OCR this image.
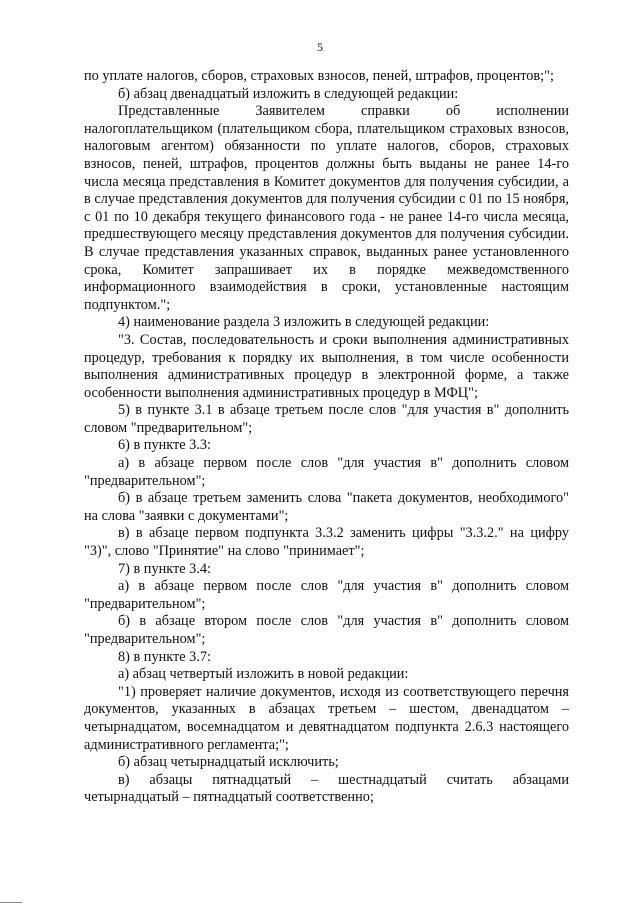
5

по уплате налогов, сборов, страховых взносов, пеней, штрафов, процентов;";

б) абзац двенадцатый изложить в следующей редакции:

Представленные Заявителем справки об исполнении налогоплательщиком (плательщиком сбора, плательщиком страховых взносов, налоговым агентом) обязанности по уплате налогов, сборов, страховых взносов, пеней, штрафов, процентов должны быть выданы не ранее 14-го числа месяца представления в Комитет документов для получения субсидии, а в случае представления документов для получения субсидии с 01 по 15 ноября, с 01 по 10 декабря текущего финансового года - не ранее 14-го числа месяца, предшествующего месяцу представления документов для получения субсидии. В случае представления указанных справок, выданных ранее установленного срока, Комитет запрашивает их в порядке межведомственного информационного взаимодействия в сроки, установленные настоящим подпунктом.";

4) наименование раздела 3 изложить в следующей редакции:

"3. Состав, последовательность и сроки выполнения административных процедур, требования к порядку их выполнения, в том числе особенности выполнения административных процедур в электронной форме, а также особенности выполнения административных процедур в МФЦ";

5) в пункте 3.1 в абзаце третьем после слов "для участия в" дополнить словом "предварительном";

6) в пункте 3.3:

а) в абзаце первом после слов "для участия в" дополнить словом "предварительном";

б) в абзаце третьем заменить слова "пакета документов, необходимого" на слова "заявки с документами";

в) в абзаце первом подпункта 3.3.2 заменить цифры "3.3.2." на цифру "3)", слово "Принятие" на слово "принимает";

7) в пункте 3.4:

а) в абзаце первом после слов "для участия в" дополнить словом "предварительном";

б) в абзаце втором после слов "для участия в" дополнить словом "предварительном";

8) в пункте 3.7:

а) абзац четвертый изложить в новой редакции:

"1) проверяет наличие документов, исходя из соответствующего перечня документов, указанных в абзацах третьем – шестом, двенадцатом – четырнадцатом, восемнадцатом и девятнадцатом подпункта 2.6.3 настоящего административного регламента;";

б) абзац четырнадцатый исключить;

в) абзацы пятнадцатый – шестнадцатый считать абзацами четырнадцатый – пятнадцатый соответственно;
